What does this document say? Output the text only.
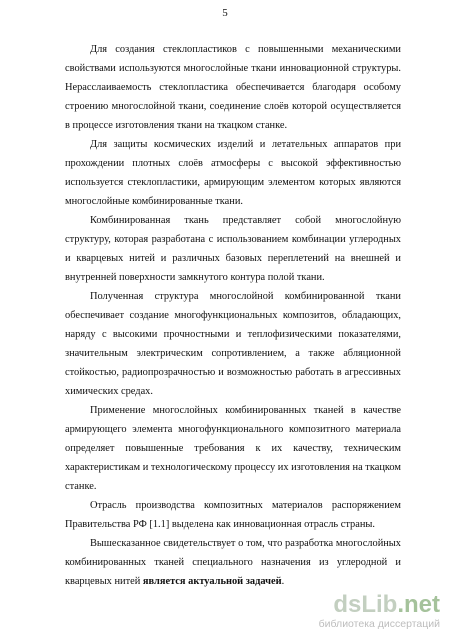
5

Для создания стеклопластиков с повышенными механическими свойствами используются многослойные ткани инновационной структуры. Нерасслаиваемость стеклопластика обеспечивается благодаря особому строению многослойной ткани, соединение слоёв которой осуществляется в процессе изготовления ткани на ткацком станке.

Для защиты космических изделий и летательных аппаратов при прохождении плотных слоёв атмосферы с высокой эффективностью используется стеклопластики, армирующим элементом которых являются многослойные комбинированные ткани.

Комбинированная ткань представляет собой многослойную структуру, которая разработана с использованием комбинации углеродных и кварцевых нитей и различных базовых переплетений на внешней и внутренней поверхности замкнутого контура полой ткани.

Полученная структура многослойной комбинированной ткани обеспечивает создание многофункциональных композитов, обладающих, наряду с высокими прочностными и теплофизическими показателями, значительным электрическим сопротивлением, а также абляционной стойкостью, радиопрозрачностью и возможностью работать в агрессивных химических средах.

Применение многослойных комбинированных тканей в качестве армирующего элемента многофункционального композитного материала определяет повышенные требования к их качеству, техническим характеристикам и технологическому процессу их изготовления на ткацком станке.

Отрасль производства композитных материалов распоряжением Правительства РФ [1.1] выделена как инновационная отрасль страны.

Вышесказанное свидетельствует о том, что разработка многослойных комбинированных тканей специального назначения из углеродной и кварцевых нитей является актуальной задачей.

dsLib.net
библиотека диссертаций
